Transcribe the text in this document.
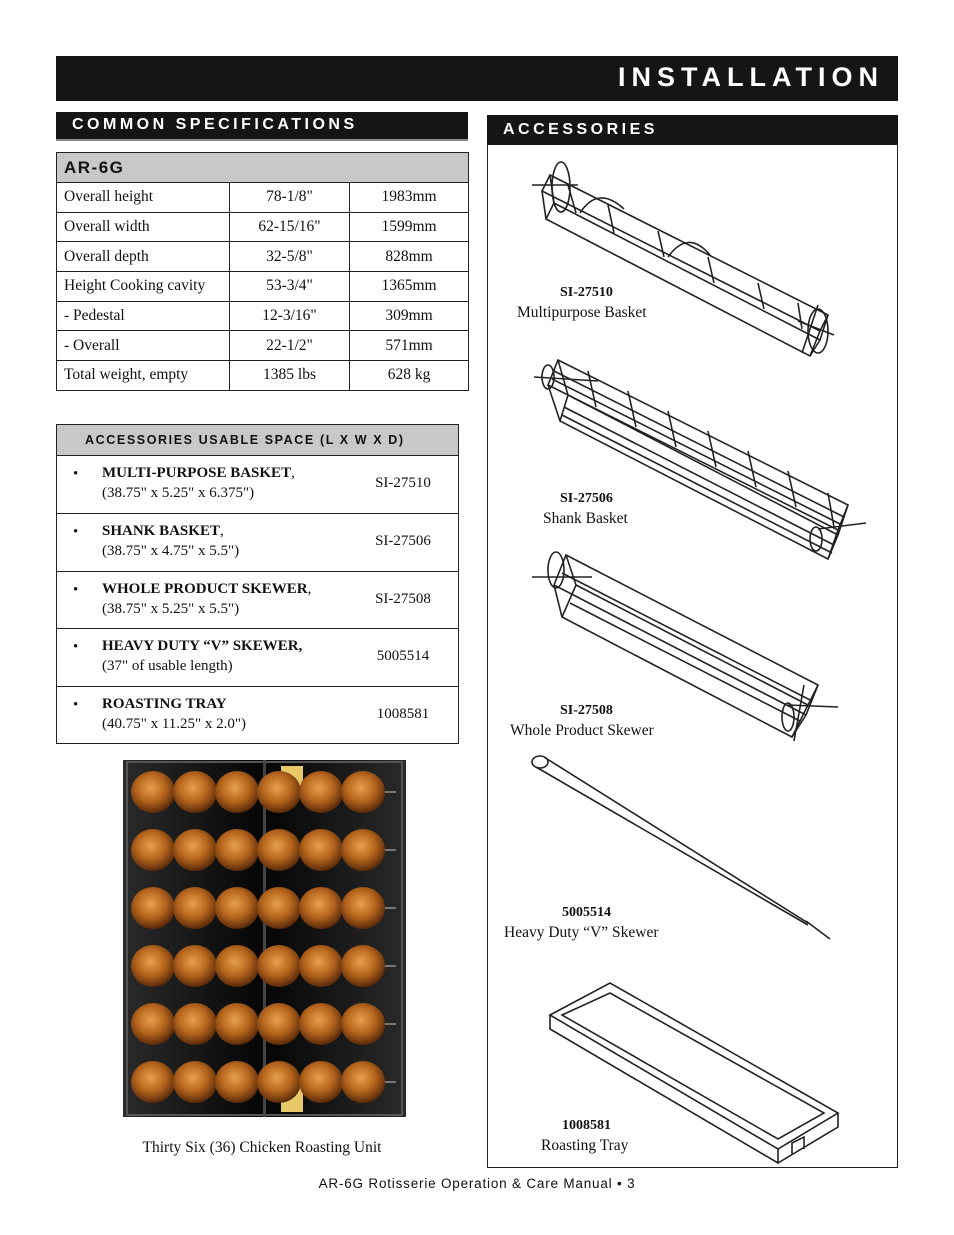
INSTALLATION
COMMON SPECIFICATIONS
AR-6G		
Overall height	78-1/8"	1983mm
Overall width	62-15/16"	1599mm
Overall depth	32-5/8"	828mm
Height Cooking cavity	53-3/4"	1365mm
- Pedestal	12-3/16"	309mm
- Overall	22-1/2"	571mm
Total weight, empty	1385 lbs	628 kg
ACCESSORIES USABLE SPACE (L X W X D)
• MULTI-PURPOSE BASKET,
(38.75" x 5.25" x 6.375")
SI-27510
• SHANK BASKET,
(38.75" x 4.75" x 5.5")
SI-27506
• WHOLE PRODUCT SKEWER,
(38.75" x 5.25" x 5.5")
SI-27508
• HEAVY DUTY “V” SKEWER,
(37" of usable length)
5005514
• ROASTING TRAY
(40.75" x 11.25" x 2.0")
1008581
Thirty Six (36) Chicken Roasting Unit
ACCESSORIES
SI-27510
Multipurpose Basket
SI-27506
Shank Basket
SI-27508
Whole Product Skewer
5005514
Heavy Duty “V” Skewer
1008581
Roasting Tray
AR-6G Rotisserie Operation & Care Manual • 3
